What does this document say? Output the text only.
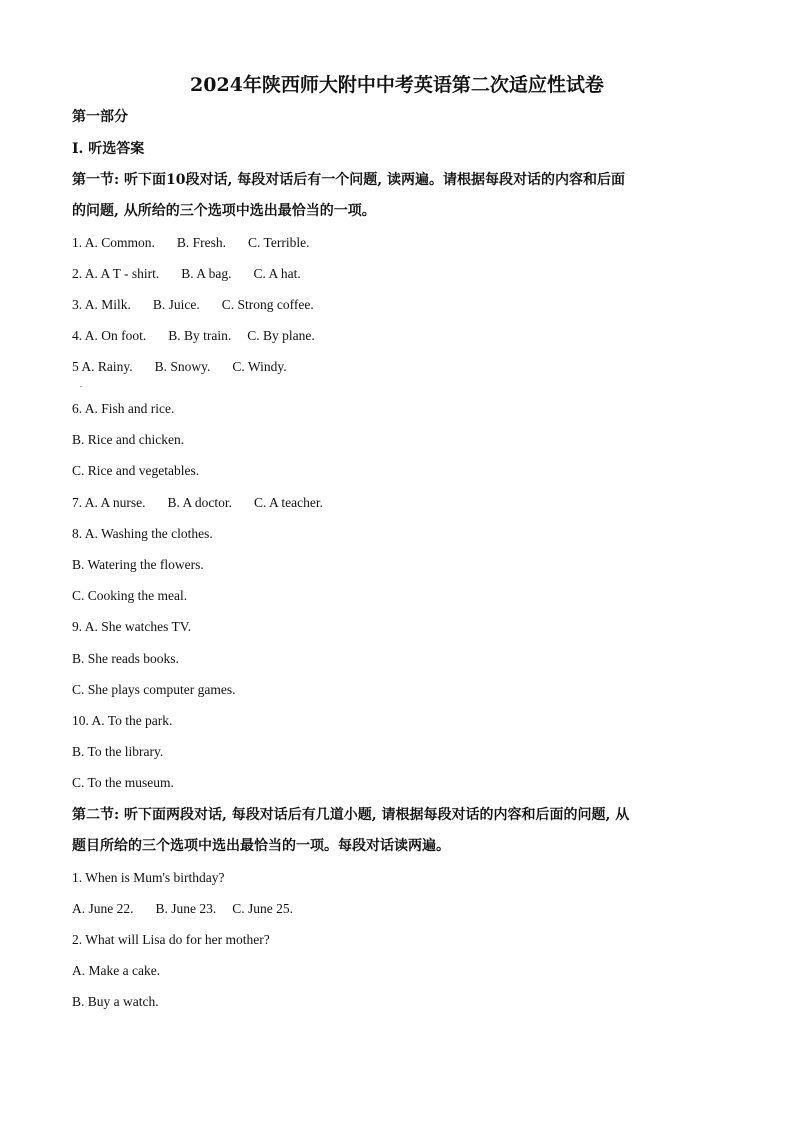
2024年陕西师大附中中考英语第二次适应性试卷
第一部分
I. 听选答案
第一节: 听下面10段对话, 每段对话后有一个问题, 读两遍。请根据每段对话的内容和后面
的问题, 从所给的三个选项中选出最恰当的一项。
1. A. Common. B. Fresh. C. Terrible.
2. A. A T - shirt. B. A bag. C. A hat.
3. A. Milk. B. Juice. C. Strong coffee.
4. A. On foot. B. By train. C. By plane.
5 A. Rainy. B. Snowy. C. Windy.
.
6. A. Fish and rice.
B. Rice and chicken.
C. Rice and vegetables.
7. A. A nurse. B. A doctor. C. A teacher.
8. A. Washing the clothes.
B. Watering the flowers.
C. Cooking the meal.
9. A. She watches TV.
B. She reads books.
C. She plays computer games.
10. A. To the park.
B. To the library.
C. To the museum.
第二节: 听下面两段对话, 每段对话后有几道小题, 请根据每段对话的内容和后面的问题, 从
题目所给的三个选项中选出最恰当的一项。每段对话读两遍。
1. When is Mum's birthday?
A. June 22. B. June 23. C. June 25.
2. What will Lisa do for her mother?
A. Make a cake.
B. Buy a watch.
